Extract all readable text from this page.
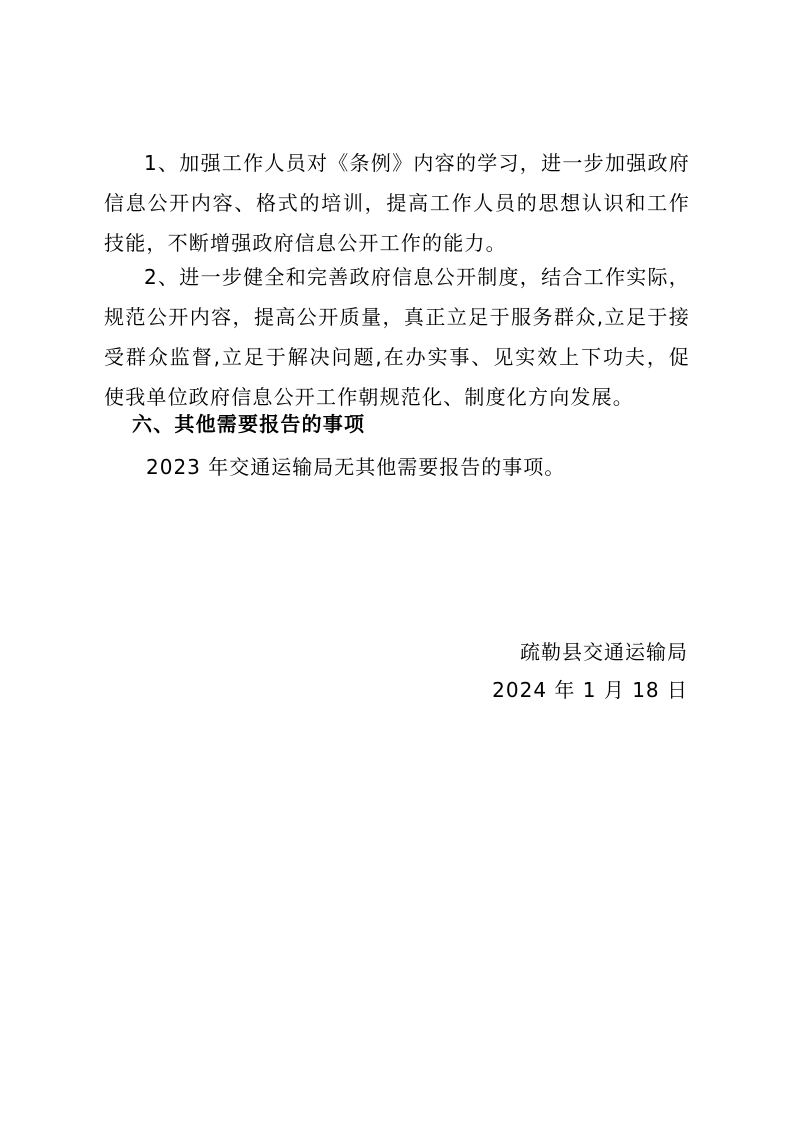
1、加强工作人员对《条例》内容的学习，进一步加强政府信息公开内容、格式的培训，提高工作人员的思想认识和工作技能，不断增强政府信息公开工作的能力。

2、进一步健全和完善政府信息公开制度，结合工作实际，规范公开内容，提高公开质量，真正立足于服务群众,立足于接受群众监督,立足于解决问题,在办实事、见实效上下功夫，促使我单位政府信息公开工作朝规范化、制度化方向发展。

六、其他需要报告的事项

2023 年交通运输局无其他需要报告的事项。

疏勒县交通运输局

2024 年 1 月 18 日
